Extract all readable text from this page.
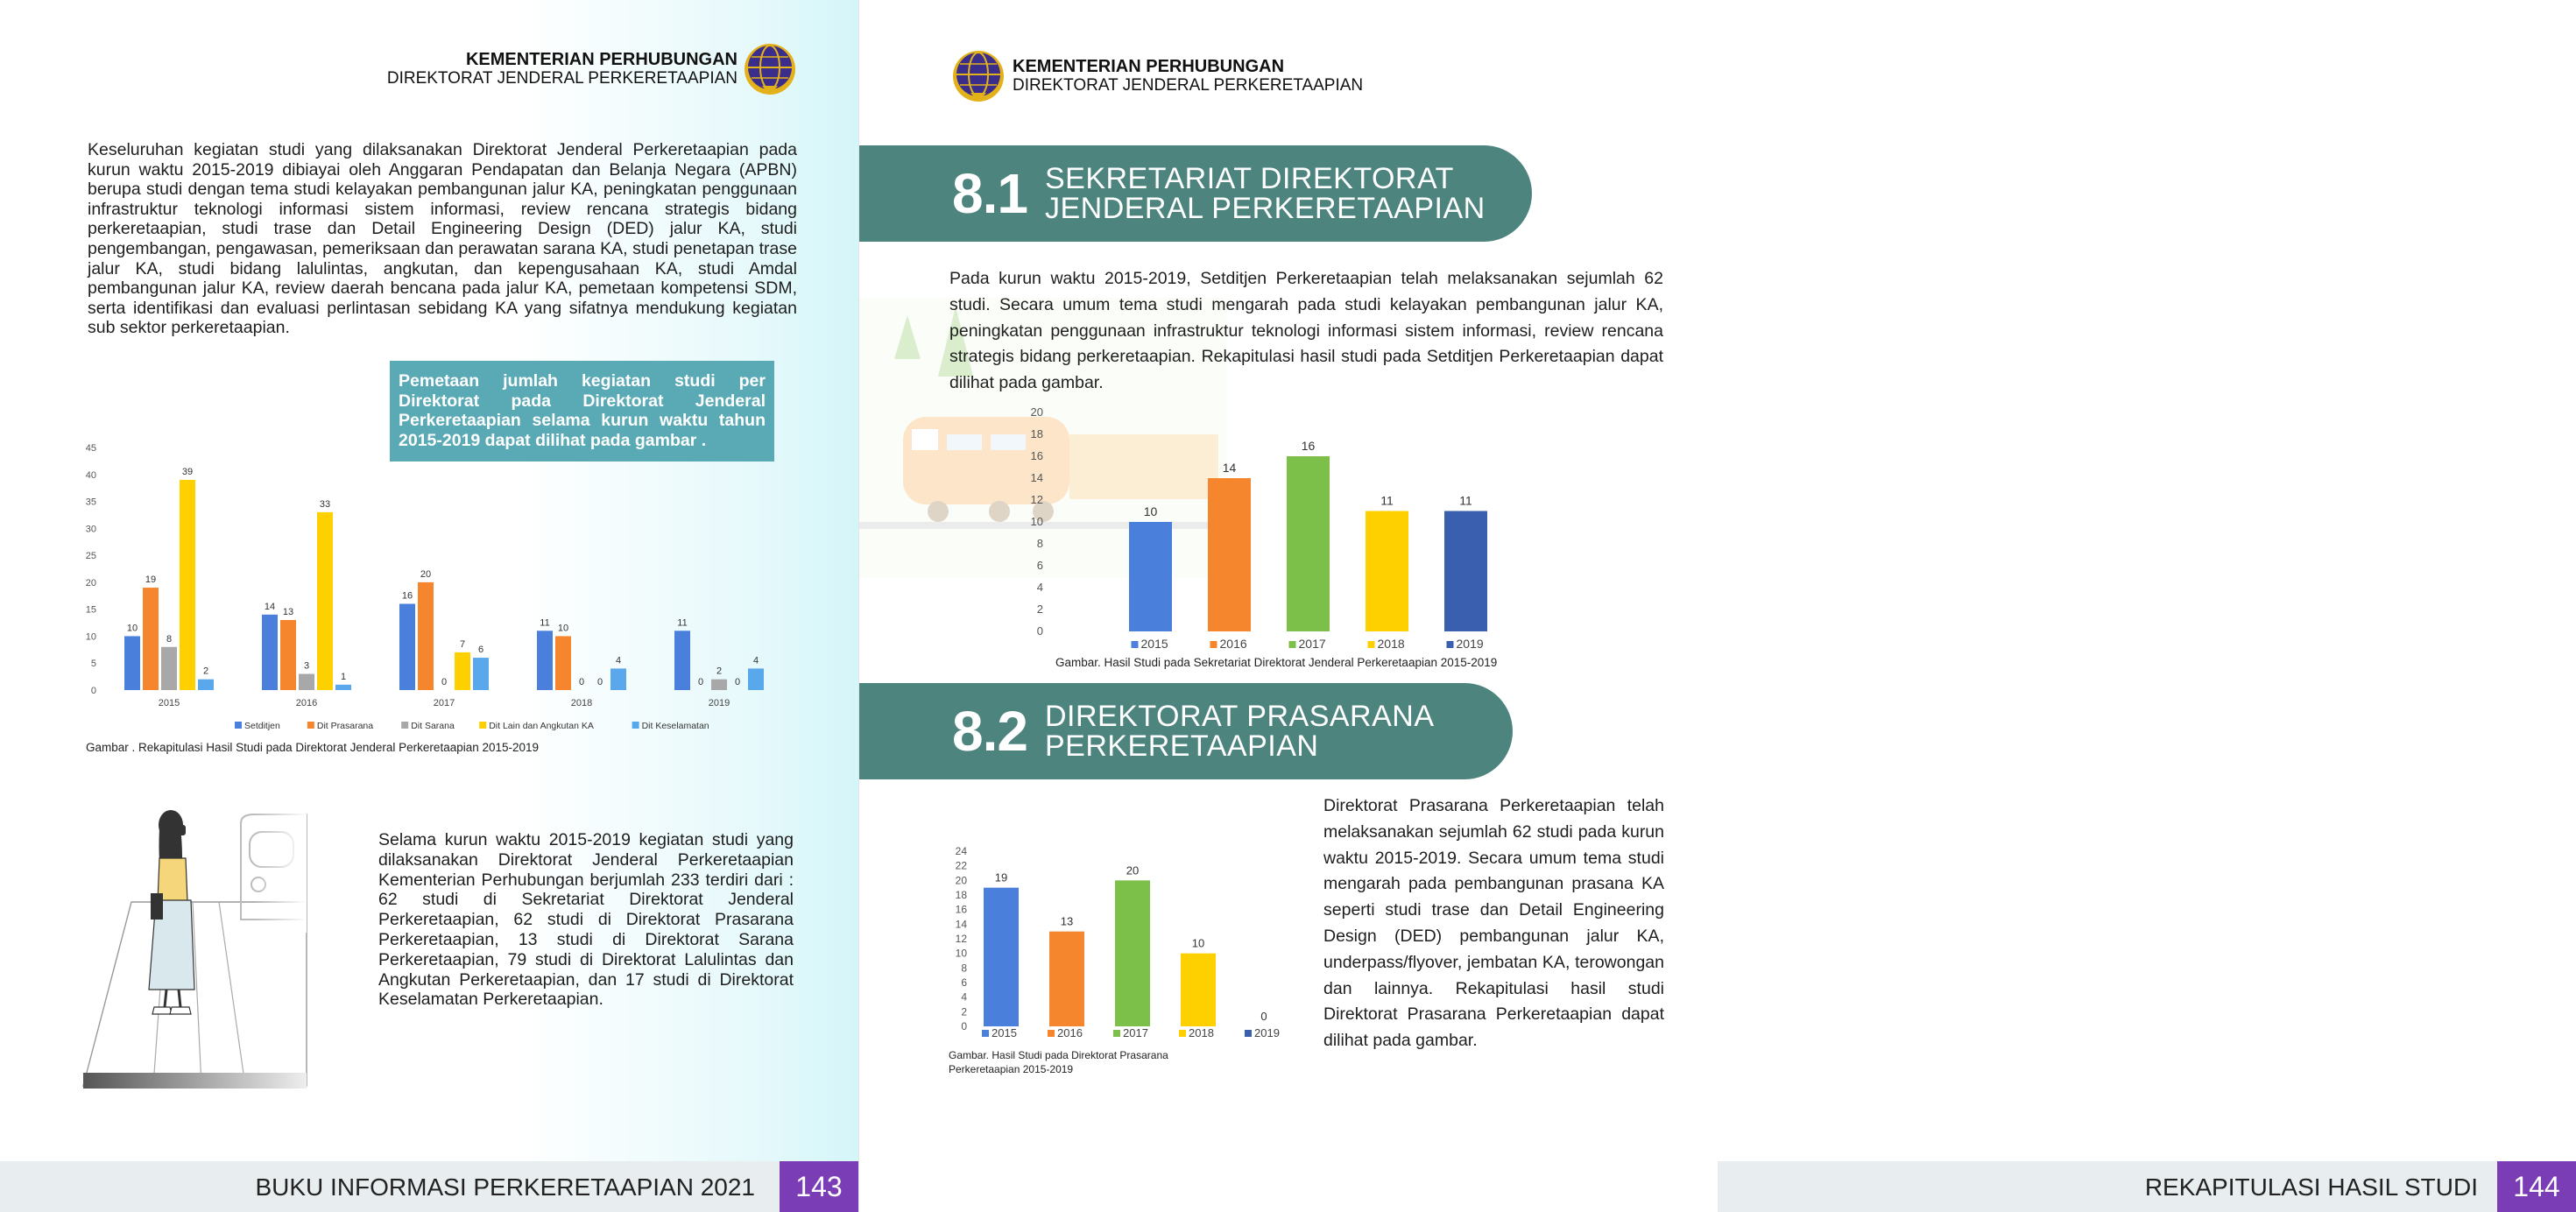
KEMENTERIAN PERHUBUNGAN
DIREKTORAT JENDERAL PERKERETAAPIAN

Keseluruhan kegiatan studi yang dilaksanakan Direktorat Jenderal Perkeretaapian pada kurun waktu 2015-2019 dibiayai oleh Anggaran Pendapatan dan Belanja Negara (APBN) berupa studi dengan tema studi kelayakan pembangunan jalur KA, peningkatan penggunaan infrastruktur teknologi informasi sistem informasi, review rencana strategis bidang perkeretaapian, studi trase dan Detail Engineering Design (DED) jalur KA, studi pengembangan, pengawasan, pemeriksaan dan perawatan sarana KA, studi penetapan trase jalur KA, studi bidang lalulintas, angkutan, dan kepengusahaan KA, studi Amdal pembangunan jalur KA, review daerah bencana pada jalur KA, pemetaan kompetensi SDM, serta identifikasi dan evaluasi perlintasan sebidang KA yang sifatnya mendukung kegiatan sub sektor perkeretaapian.

Pemetaan jumlah kegiatan studi per Direktorat pada Direktorat Jenderal Perkeretaapian selama kurun waktu tahun 2015-2019 dapat dilihat pada gambar .
0
5
10
15
20
25
30
35
40
45
10
19
8
39
2
2015
14
13
3
33
1
2016
16
20
0
7
6
2017
11
10
0 0
4
2018
11
0
2
0
4
2019
Setditjen	Dit Prasarana	Dit Sarana	Dit Lain dan Angkutan KA	Dit Keselamatan
Gambar . Rekapitulasi Hasil Studi pada Direktorat Jenderal Perkeretaapian 2015-2019

Selama kurun waktu 2015-2019 kegiatan studi yang dilaksanakan Direktorat Jenderal Perkeretaapian Kementerian Perhubungan berjumlah 233 terdiri dari : 62 studi di Sekretariat Direktorat Jenderal Perkeretaapian, 62 studi di Direktorat Prasarana Perkeretaapian, 13 studi di Direktorat Sarana Perkeretaapian, 79 studi di Direktorat Lalulintas dan Angkutan Perkeretaapian, dan 17 studi di Direktorat Keselamatan Perkeretaapian.

BUKU INFORMASI PERKERETAAPIAN 2021	143
KEMENTERIAN PERHUBUNGAN
DIREKTORAT JENDERAL PERKERETAAPIAN
8.1 SEKRETARIAT DIREKTORAT
JENDERAL PERKERETAAPIAN

Pada kurun waktu 2015-2019, Setditjen Perkeretaapian telah melaksanakan sejumlah 62 studi. Secara umum tema studi mengarah pada studi kelayakan pembangunan jalur KA, peningkatan penggunaan infrastruktur teknologi informasi sistem informasi, review rencana strategis bidang perkeretaapian. Rekapitulasi hasil studi pada Setditjen Perkeretaapian dapat dilihat pada gambar.

0
2
4
6
8
10
12
14
16
18
20
10
2015
14
2016
16
2017
11
2018
11
2019
Gambar. Hasil Studi pada Sekretariat Direktorat Jenderal Perkeretaapian 2015-2019
8.2 DIREKTORAT PRASARANA
PERKERETAAPIAN
0
2
4
6
8
10
12
14
16
18
20
22
24
19
2015
13
2016
20
2017
10
2018
0
2019
Gambar. Hasil Studi pada Direktorat Prasarana Perkeretaapian 2015-2019

Direktorat Prasarana Perkeretaapian telah melaksanakan sejumlah 62 studi pada kurun waktu 2015-2019. Secara umum tema studi mengarah pada pembangunan prasana KA seperti studi trase dan Detail Engineering Design (DED) pembangunan jalur KA, underpass/flyover, jembatan KA, terowongan dan lainnya. Rekapitulasi hasil studi Direktorat Prasarana Perkeretaapian dapat dilihat pada gambar.

REKAPITULASI HASIL STUDI	144
